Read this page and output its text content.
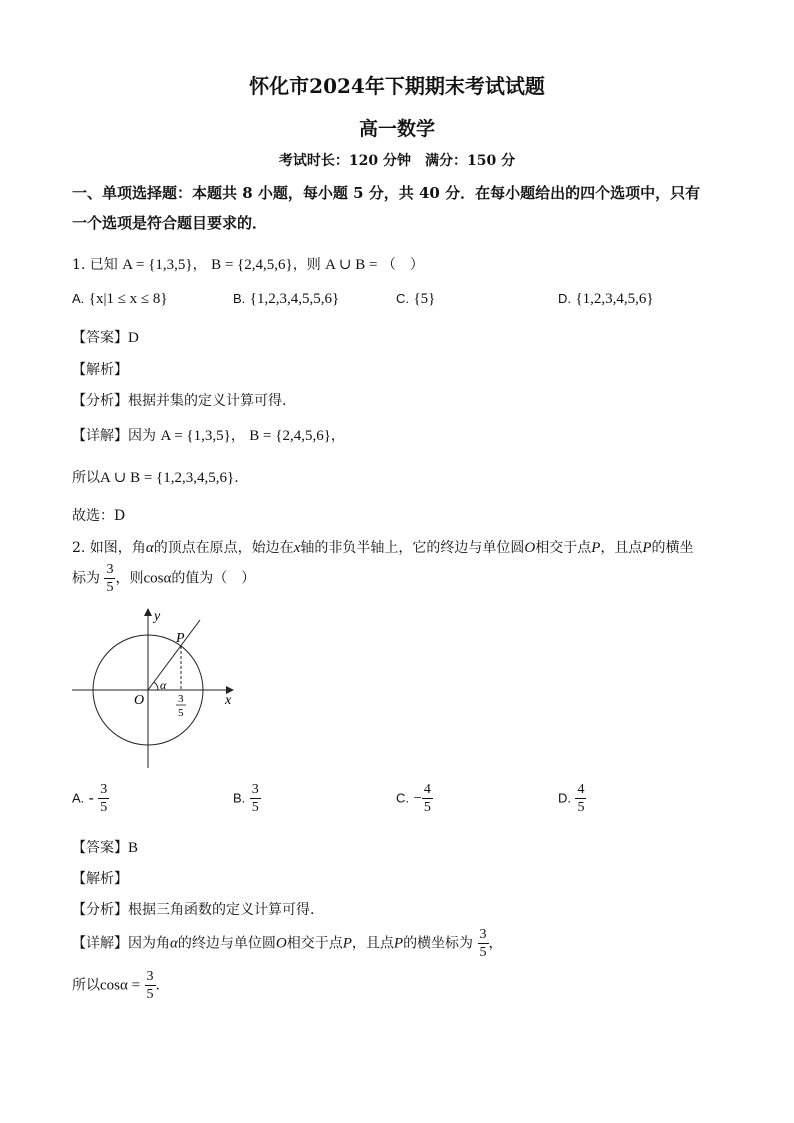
怀化市2024年下期期末考试试题
高一数学
考试时长：120 分钟　满分：150 分
一、单项选择题：本题共 8 小题，每小题 5 分，共 40 分．在每小题给出的四个选项中，只有
一个选项是符合题目要求的．
1. 已知 A = {1,3,5}， B = {2,4,5,6}，则 A ∪ B = （　）
A. {x|1 ≤ x ≤ 8}	B. {1,2,3,4,5,5,6}	C. {5}	D. {1,2,3,4,5,6}
【答案】D
【解析】
【分析】根据并集的定义计算可得.
【详解】因为 A = {1,3,5}， B = {2,4,5,6}，
所以A ∪ B = {1,2,3,4,5,6}.
故选：D
2. 如图，角α的顶点在原点，始边在x轴的非负半轴上，它的终边与单位圆O相交于点P，且点P的横坐
标为 $\frac{3}{5}$ ，则cosα的值为（　）
y
x
O
P
α
3
5
A. - $\frac{3}{5}$	B. $\frac{3}{5}$	C. − $\frac{4}{5}$	D. $\frac{4}{5}$
【答案】B
【解析】
【分析】根据三角函数的定义计算可得.
【详解】因为角α的终边与单位圆O相交于点P，且点P的横坐标为 $\frac{3}{5}$ ，
所以$\cos\alpha = \frac{3}{5}$ .
